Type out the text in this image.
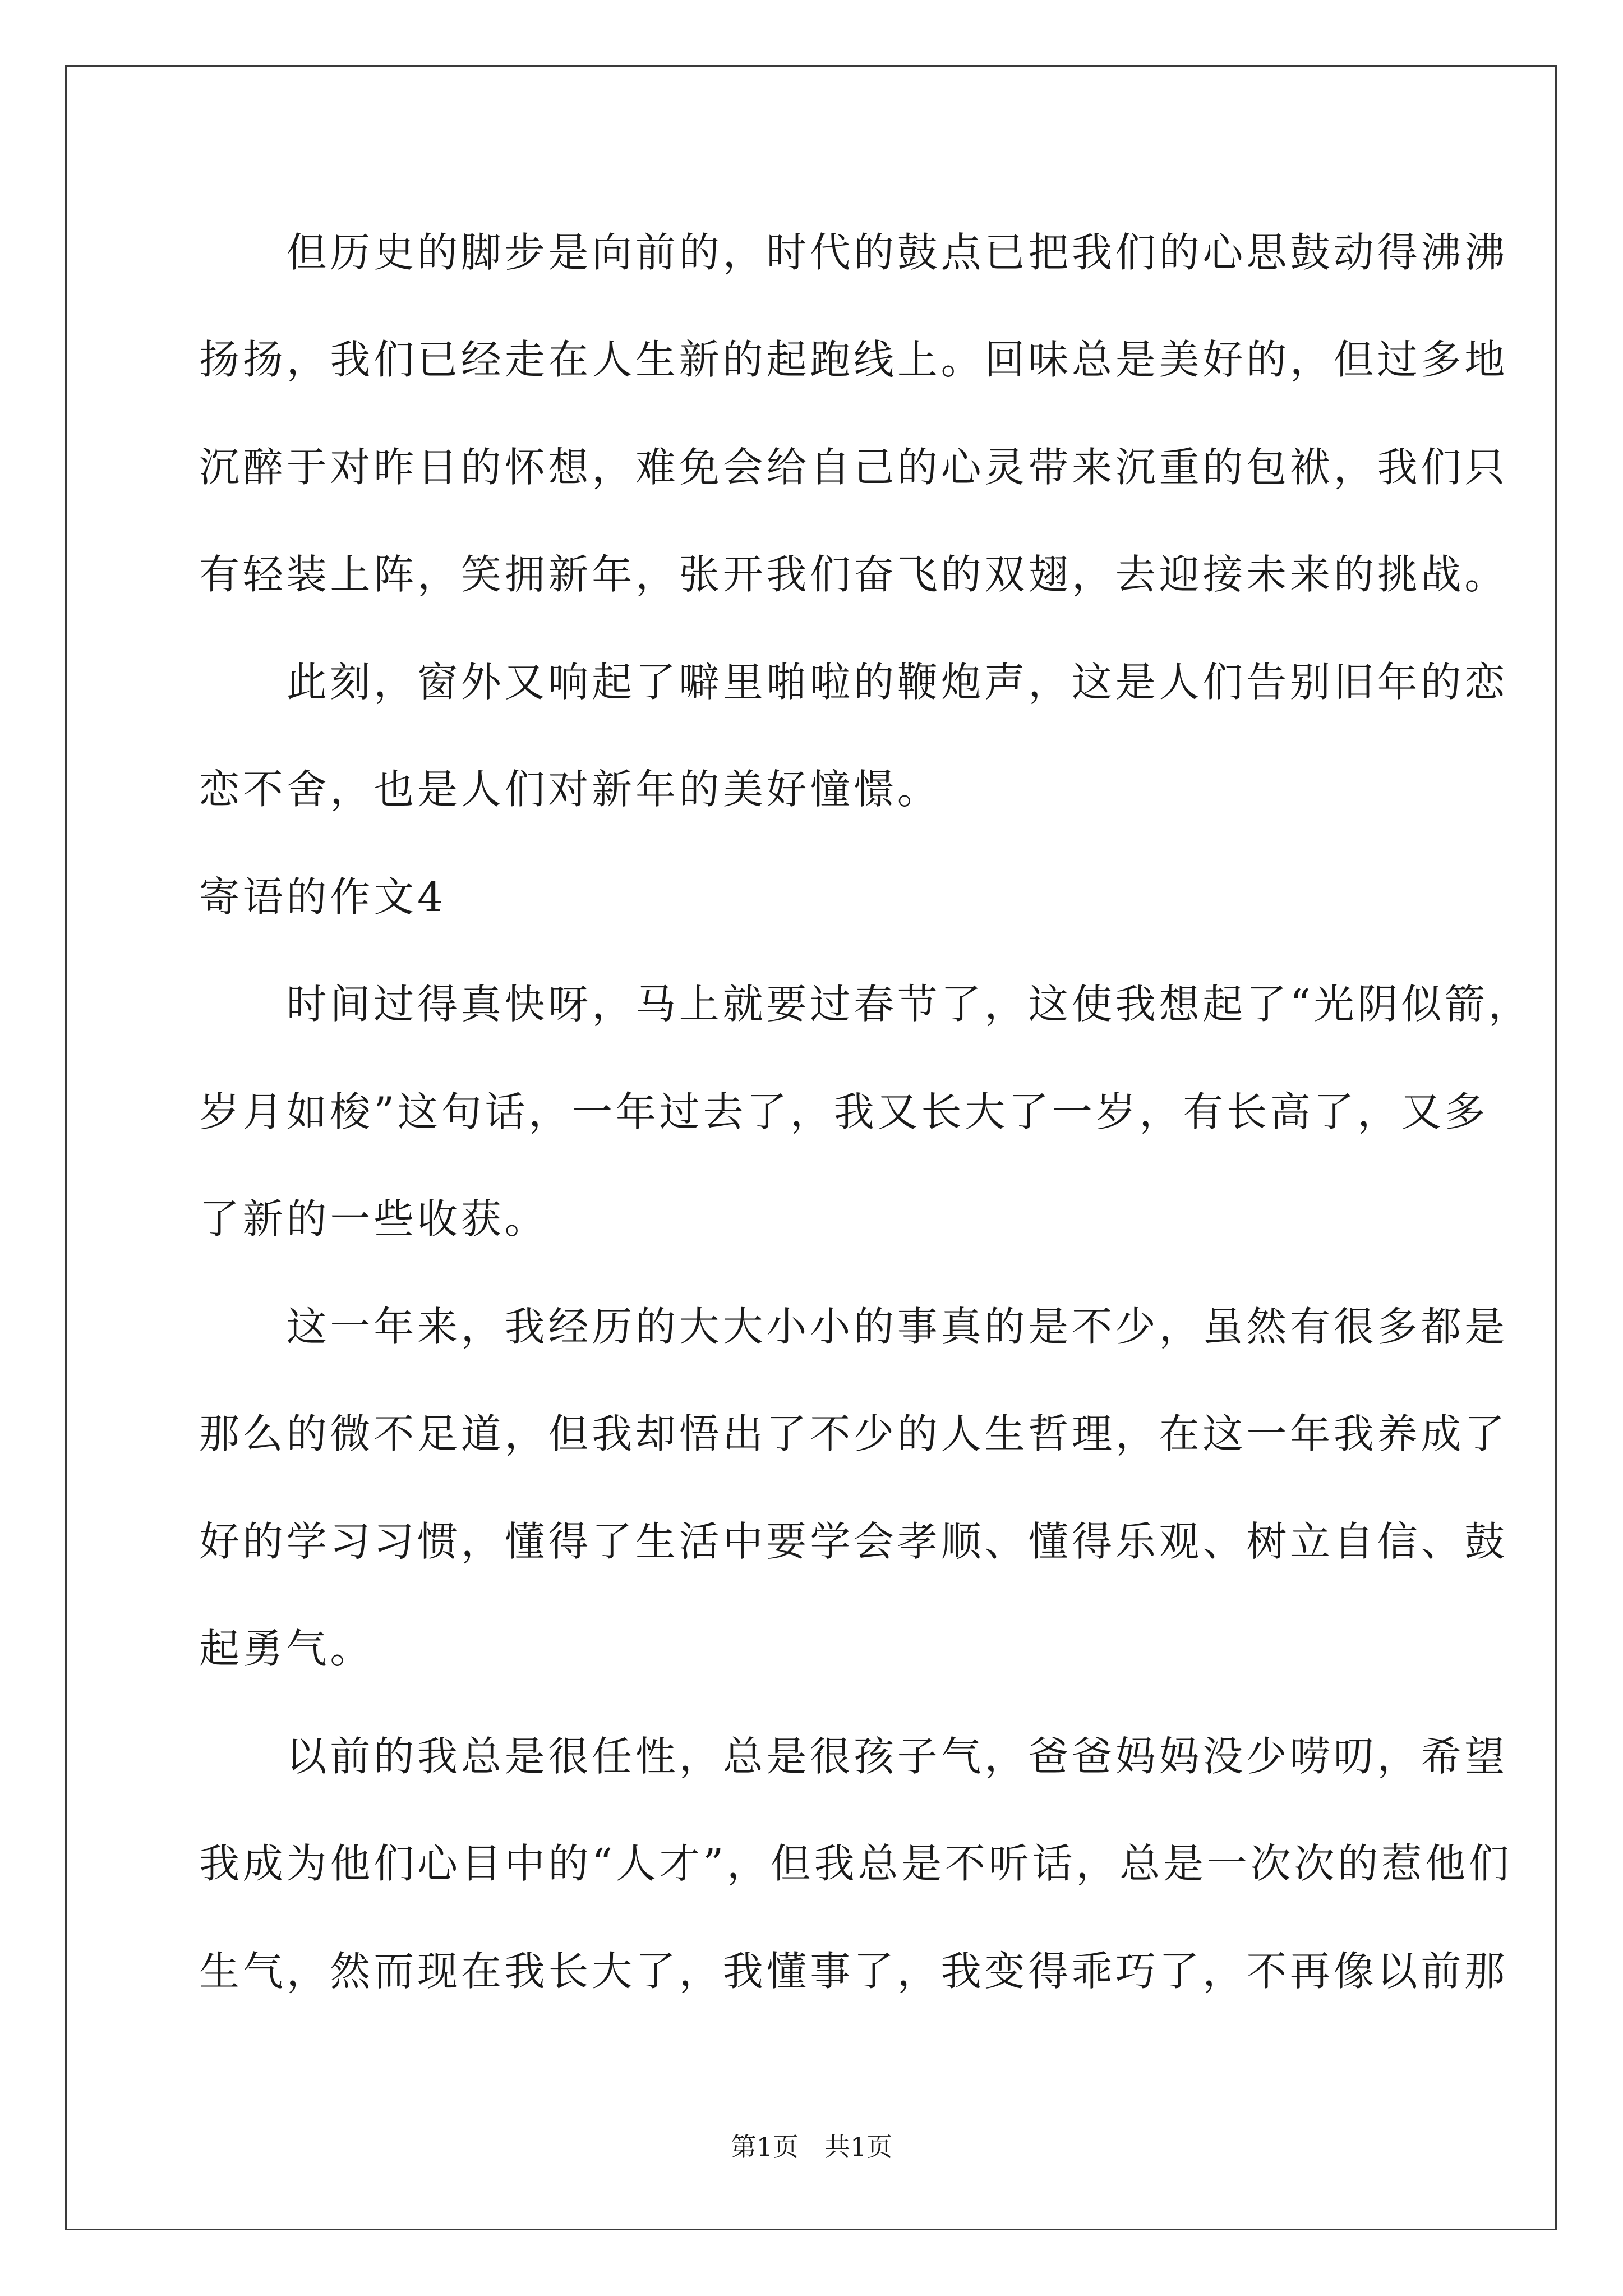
　　但历史的脚步是向前的，时代的鼓点已把我们的心思鼓动得沸沸
扬扬，我们已经走在人生新的起跑线上。回味总是美好的，但过多地
沉醉于对昨日的怀想，难免会给自己的心灵带来沉重的包袱，我们只
有轻装上阵，笑拥新年，张开我们奋飞的双翅，去迎接未来的挑战。
　　此刻，窗外又响起了噼里啪啦的鞭炮声，这是人们告别旧年的恋
恋不舍，也是人们对新年的美好憧憬。
寄语的作文4
　　时间过得真快呀，马上就要过春节了，这使我想起了“光阴似箭，
岁月如梭”这句话，一年过去了，我又长大了一岁，有长高了，又多
了新的一些收获。
　　这一年来，我经历的大大小小的事真的是不少，虽然有很多都是
那么的微不足道，但我却悟出了不少的人生哲理，在这一年我养成了
好的学习习惯，懂得了生活中要学会孝顺、懂得乐观、树立自信、鼓
起勇气。
　　以前的我总是很任性，总是很孩子气，爸爸妈妈没少唠叨，希望
我成为他们心目中的“人才”，但我总是不听话，总是一次次的惹他们
生气，然而现在我长大了，我懂事了，我变得乖巧了，不再像以前那
第1页　共1页
